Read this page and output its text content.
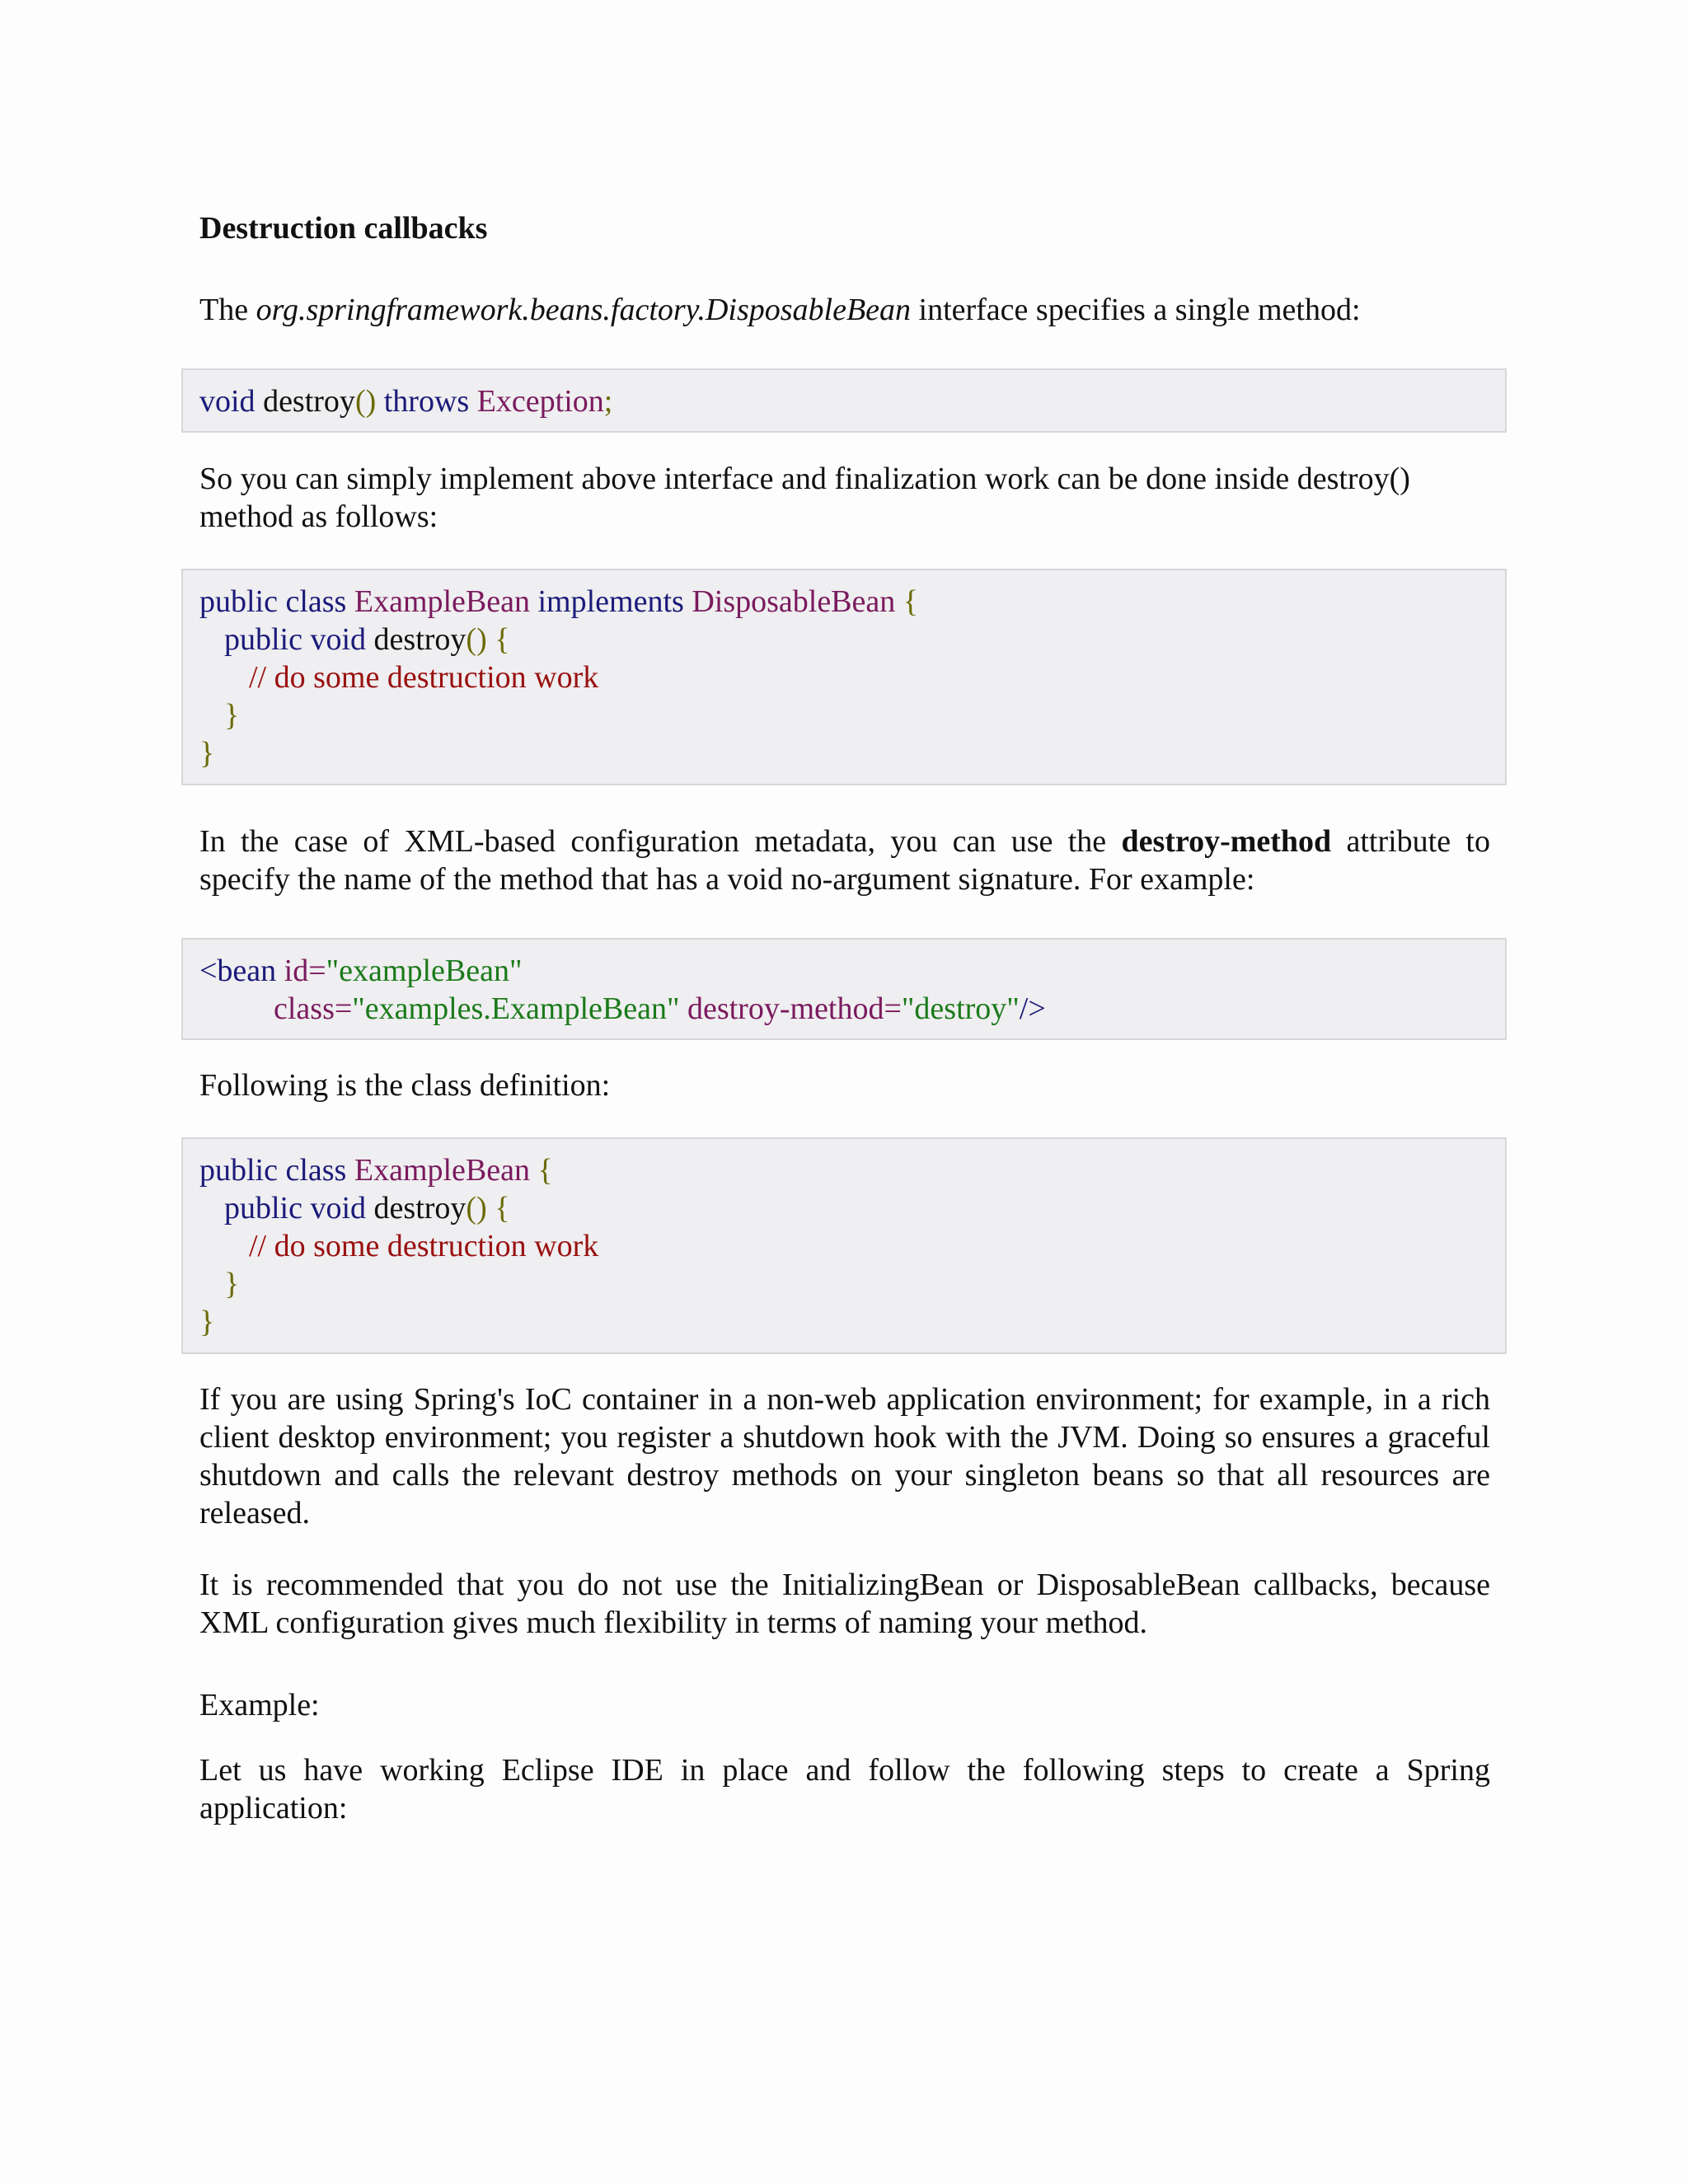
Destruction callbacks

The org.springframework.beans.factory.DisposableBean interface specifies a single method:

void destroy() throws Exception;

So you can simply implement above interface and finalization work can be done inside destroy() method as follows:

public class ExampleBean implements DisposableBean {
public void destroy() {
// do some destruction work
}
}

In the case of XML-based configuration metadata, you can use the destroy-method attribute to specify the name of the method that has a void no-argument signature. For example:

<bean id="exampleBean"
class="examples.ExampleBean" destroy-method="destroy"/>

Following is the class definition:

public class ExampleBean {
public void destroy() {
// do some destruction work
}
}

If you are using Spring's IoC container in a non-web application environment; for example, in a rich client desktop environment; you register a shutdown hook with the JVM. Doing so ensures a graceful shutdown and calls the relevant destroy methods on your singleton beans so that all resources are released.

It is recommended that you do not use the InitializingBean or DisposableBean callbacks, because XML configuration gives much flexibility in terms of naming your method.

Example:

Let us have working Eclipse IDE in place and follow the following steps to create a Spring application:
